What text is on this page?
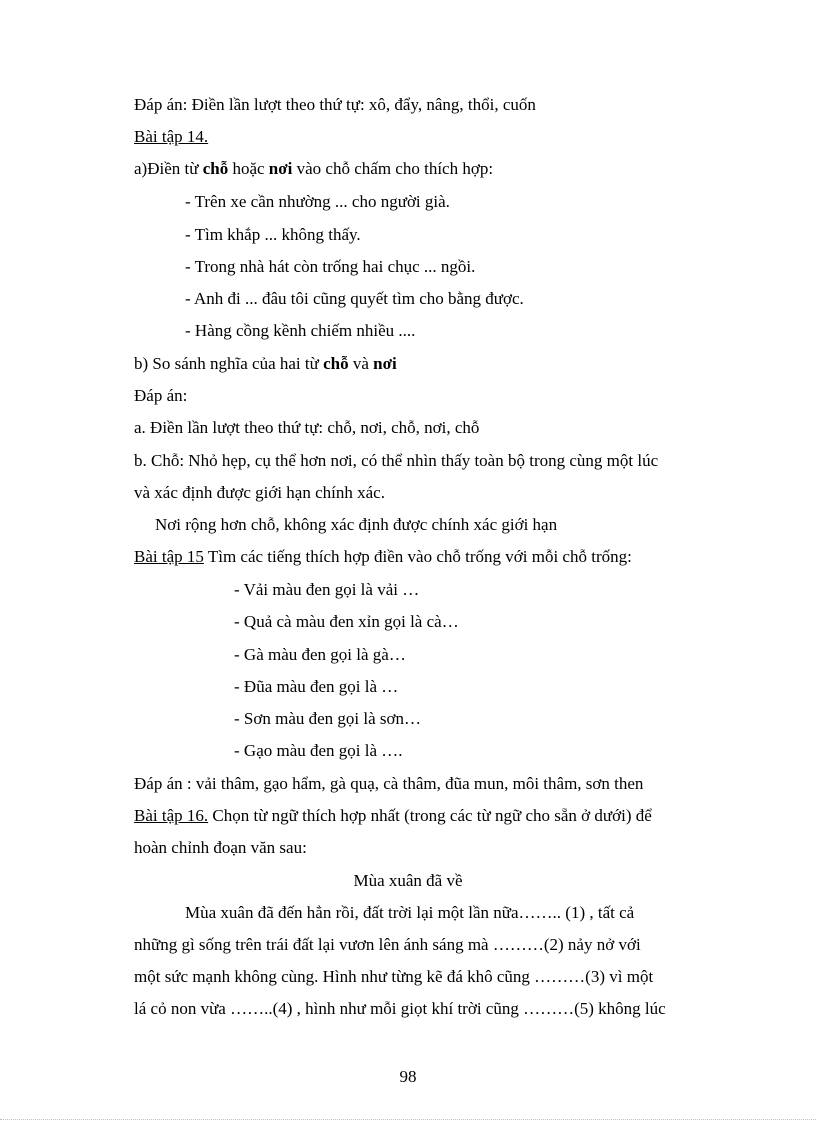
Đáp án: Điền lần lượt theo thứ tự: xô, đẩy, nâng, thổi, cuốn
Bài tập 14.
a)Điền từ chỗ hoặc nơi vào chỗ chấm cho thích hợp:
- Trên xe cần nhường ... cho người già.
- Tìm khắp ... không thấy.
- Trong nhà hát còn trống hai chục ... ngồi.
- Anh đi ... đâu tôi cũng quyết tìm cho bằng được.
- Hàng cồng kềnh chiếm nhiều ....
b) So sánh nghĩa của hai từ chỗ và nơi
Đáp án:
a. Điền lần lượt theo thứ tự: chỗ, nơi, chỗ, nơi, chỗ
b. Chỗ: Nhỏ hẹp, cụ thể hơn nơi, có thể nhìn thấy toàn bộ trong cùng một lúc
và xác định được giới hạn chính xác.
Nơi rộng hơn chỗ, không xác định được chính xác giới hạn
Bài tập 15 Tìm các tiếng thích hợp điền vào chỗ trống với mỗi chỗ trống:
- Vải màu đen gọi là vải …
- Quả cà màu đen xỉn gọi là cà…
- Gà màu đen gọi là gà…
- Đũa màu đen gọi là …
- Sơn màu đen gọi là sơn…
- Gạo màu đen gọi là ….
Đáp án : vải thâm, gạo hẩm, gà quạ, cà thâm, đũa mun, môi thâm, sơn then
Bài tập 16. Chọn từ ngữ thích hợp nhất (trong các từ ngữ cho sẵn ở dưới) để
hoàn chỉnh đoạn văn sau:
Mùa xuân đã về
Mùa xuân đã đến hẳn rồi, đất trời lại một lần nữa…….. (1) , tất cả
những gì sống trên trái đất lại vươn lên ánh sáng mà ………(2) nảy nở với
một sức mạnh không cùng. Hình như từng kẽ đá khô cũng ………(3) vì một
lá cỏ non vừa ……..(4) , hình như mỗi giọt khí trời cũng ………(5) không lúc
98
